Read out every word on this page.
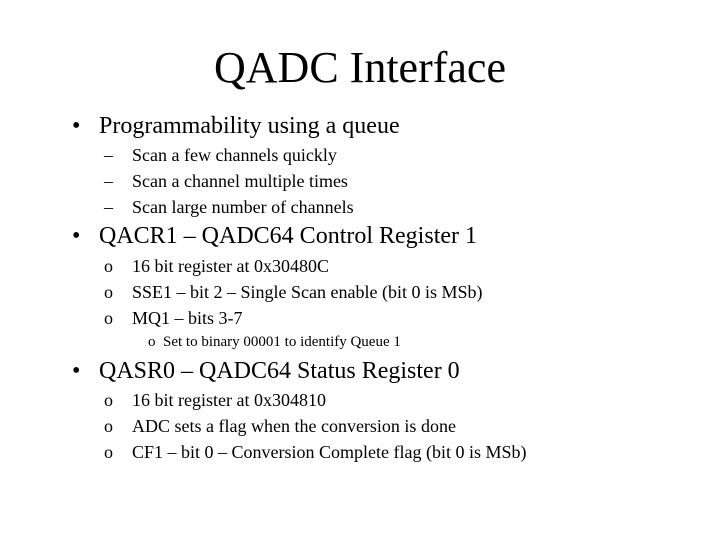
QADC Interface
• Programmability using a queue
– Scan a few channels quickly
– Scan a channel multiple times
– Scan large number of channels
• QACR1 – QADC64 Control Register 1
o 16 bit register at 0x30480C
o SSE1 – bit 2 – Single Scan enable (bit 0 is MSb)
o MQ1 – bits 3-7
o Set to binary 00001 to identify Queue 1
• QASR0 – QADC64 Status Register 0
o 16 bit register at 0x304810
o ADC sets a flag when the conversion is done
o CF1 – bit 0 – Conversion Complete flag (bit 0 is MSb)
